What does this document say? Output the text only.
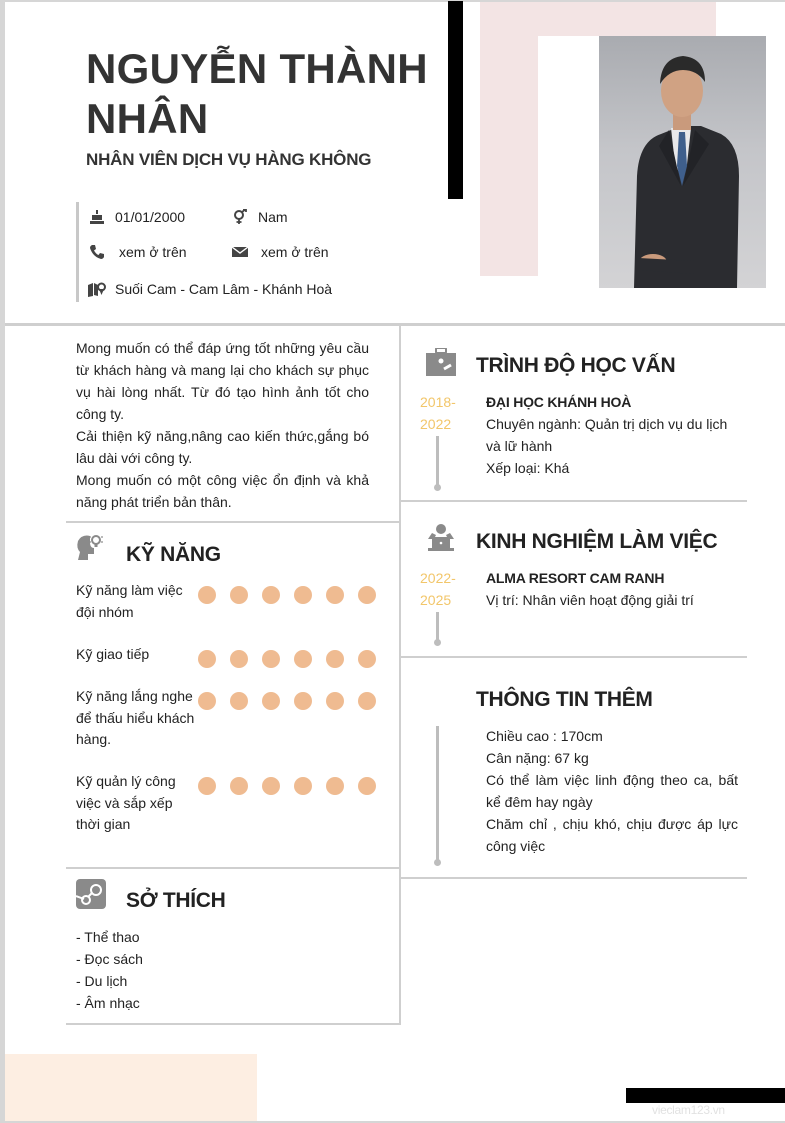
NGUYỄN THÀNH NHÂN
NHÂN VIÊN DỊCH VỤ HÀNG KHÔNG
01/01/2000	Nam
xem ở trên	xem ở trên
Suối Cam - Cam Lâm - Khánh Hoà

Mong muốn có thể đáp ứng tốt những yêu cầu từ khách hàng và mang lại cho khách sự phục vụ hài lòng nhất. Từ đó tạo hình ảnh tốt cho công ty.

Cải thiện kỹ năng,nâng cao kiến thức,gắng bó lâu dài với công ty.

Mong muốn có một công việc ổn định và khả năng phát triển bản thân.

KỸ NĂNG
Kỹ năng làm việc đội nhóm
Kỹ giao tiếp
Kỹ năng lắng nghe để thấu hiểu khách hàng.
Kỹ quản lý công việc và sắp xếp thời gian
SỞ THÍCH
- Thể thao
- Đọc sách
- Du lịch
- Âm nhạc
TRÌNH ĐỘ HỌC VẤN
2018-
2022

ĐẠI HỌC KHÁNH HOÀ

Chuyên ngành: Quản trị dịch vụ du lịch và lữ hành

Xếp loại: Khá

KINH NGHIỆM LÀM VIỆC
2022-
2025

ALMA RESORT CAM RANH

Vị trí: Nhân viên hoạt động giải trí

THÔNG TIN THÊM

Chiều cao : 170cm

Cân nặng: 67 kg

Có thể làm việc linh động theo ca, bất kể đêm hay ngày

Chăm chỉ , chịu khó, chịu được áp lực công việc

vieclam123.vn
